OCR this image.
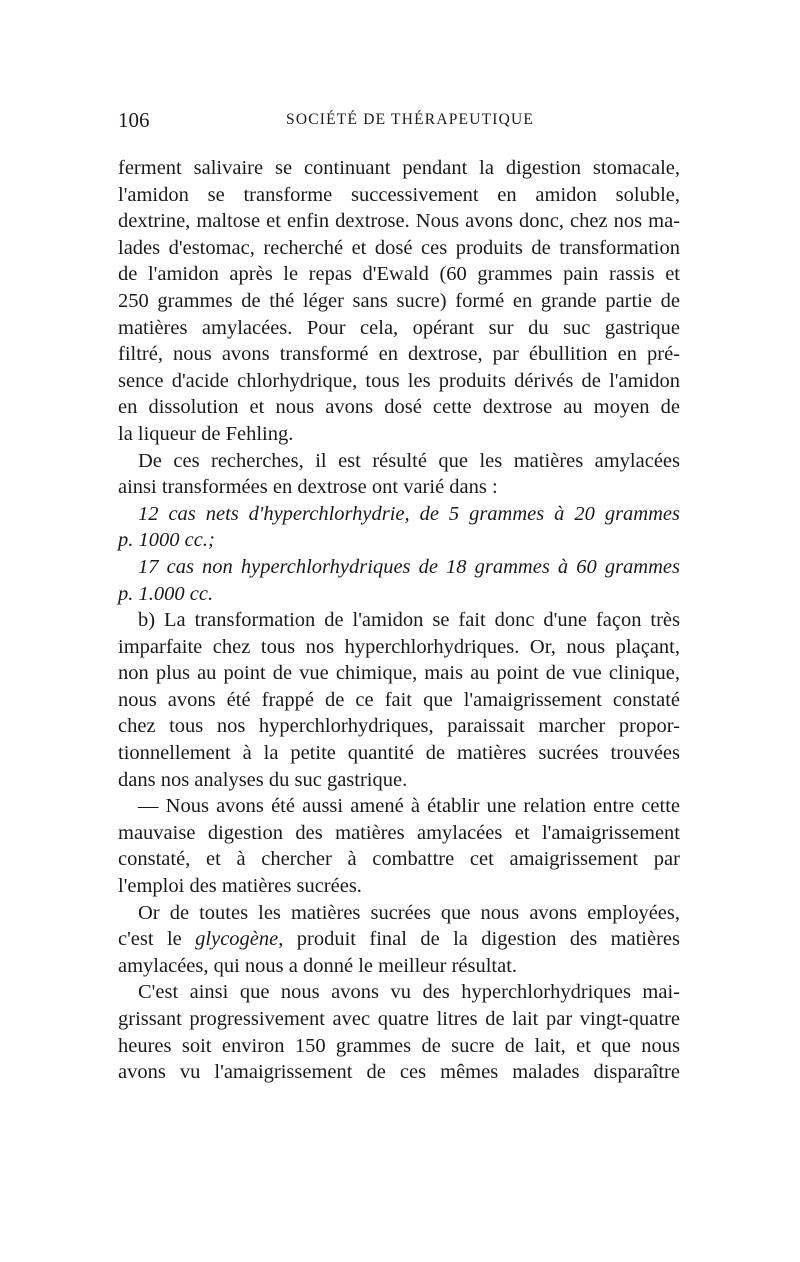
106	SOCIÉTÉ DE THÉRAPEUTIQUE

ferment salivaire se continuant pendant la digestion stomacale,
l'amidon se transforme successivement en amidon soluble,
dextrine, maltose et enfin dextrose. Nous avons donc, chez nos ma-
lades d'estomac, recherché et dosé ces produits de transformation
de l'amidon après le repas d'Ewald (60 grammes pain rassis et
250 grammes de thé léger sans sucre) formé en grande partie de
matières amylacées. Pour cela, opérant sur du suc gastrique
filtré, nous avons transformé en dextrose, par ébullition en pré-
sence d'acide chlorhydrique, tous les produits dérivés de l'amidon
en dissolution et nous avons dosé cette dextrose au moyen de
la liqueur de Fehling.

De ces recherches, il est résulté que les matières amylacées
ainsi transformées en dextrose ont varié dans :

12 cas nets d'hyperchlorhydrie, de 5 grammes à 20 grammes
p. 1000 cc.;

17 cas non hyperchlorhydriques de 18 grammes à 60 grammes
p. 1.000 cc.

b) La transformation de l'amidon se fait donc d'une façon très
imparfaite chez tous nos hyperchlorhydriques. Or, nous plaçant,
non plus au point de vue chimique, mais au point de vue clinique,
nous avons été frappé de ce fait que l'amaigrissement constaté
chez tous nos hyperchlorhydriques, paraissait marcher propor-
tionnellement à la petite quantité de matières sucrées trouvées
dans nos analyses du suc gastrique.

— Nous avons été aussi amené à établir une relation entre cette
mauvaise digestion des matières amylacées et l'amaigrissement
constaté, et à chercher à combattre cet amaigrissement par
l'emploi des matières sucrées.

Or de toutes les matières sucrées que nous avons employées,
c'est le glycogène, produit final de la digestion des matières
amylacées, qui nous a donné le meilleur résultat.

C'est ainsi que nous avons vu des hyperchlorhydriques mai-
grissant progressivement avec quatre litres de lait par vingt-quatre
heures soit environ 150 grammes de sucre de lait, et que nous
avons vu l'amaigrissement de ces mêmes malades disparaître
